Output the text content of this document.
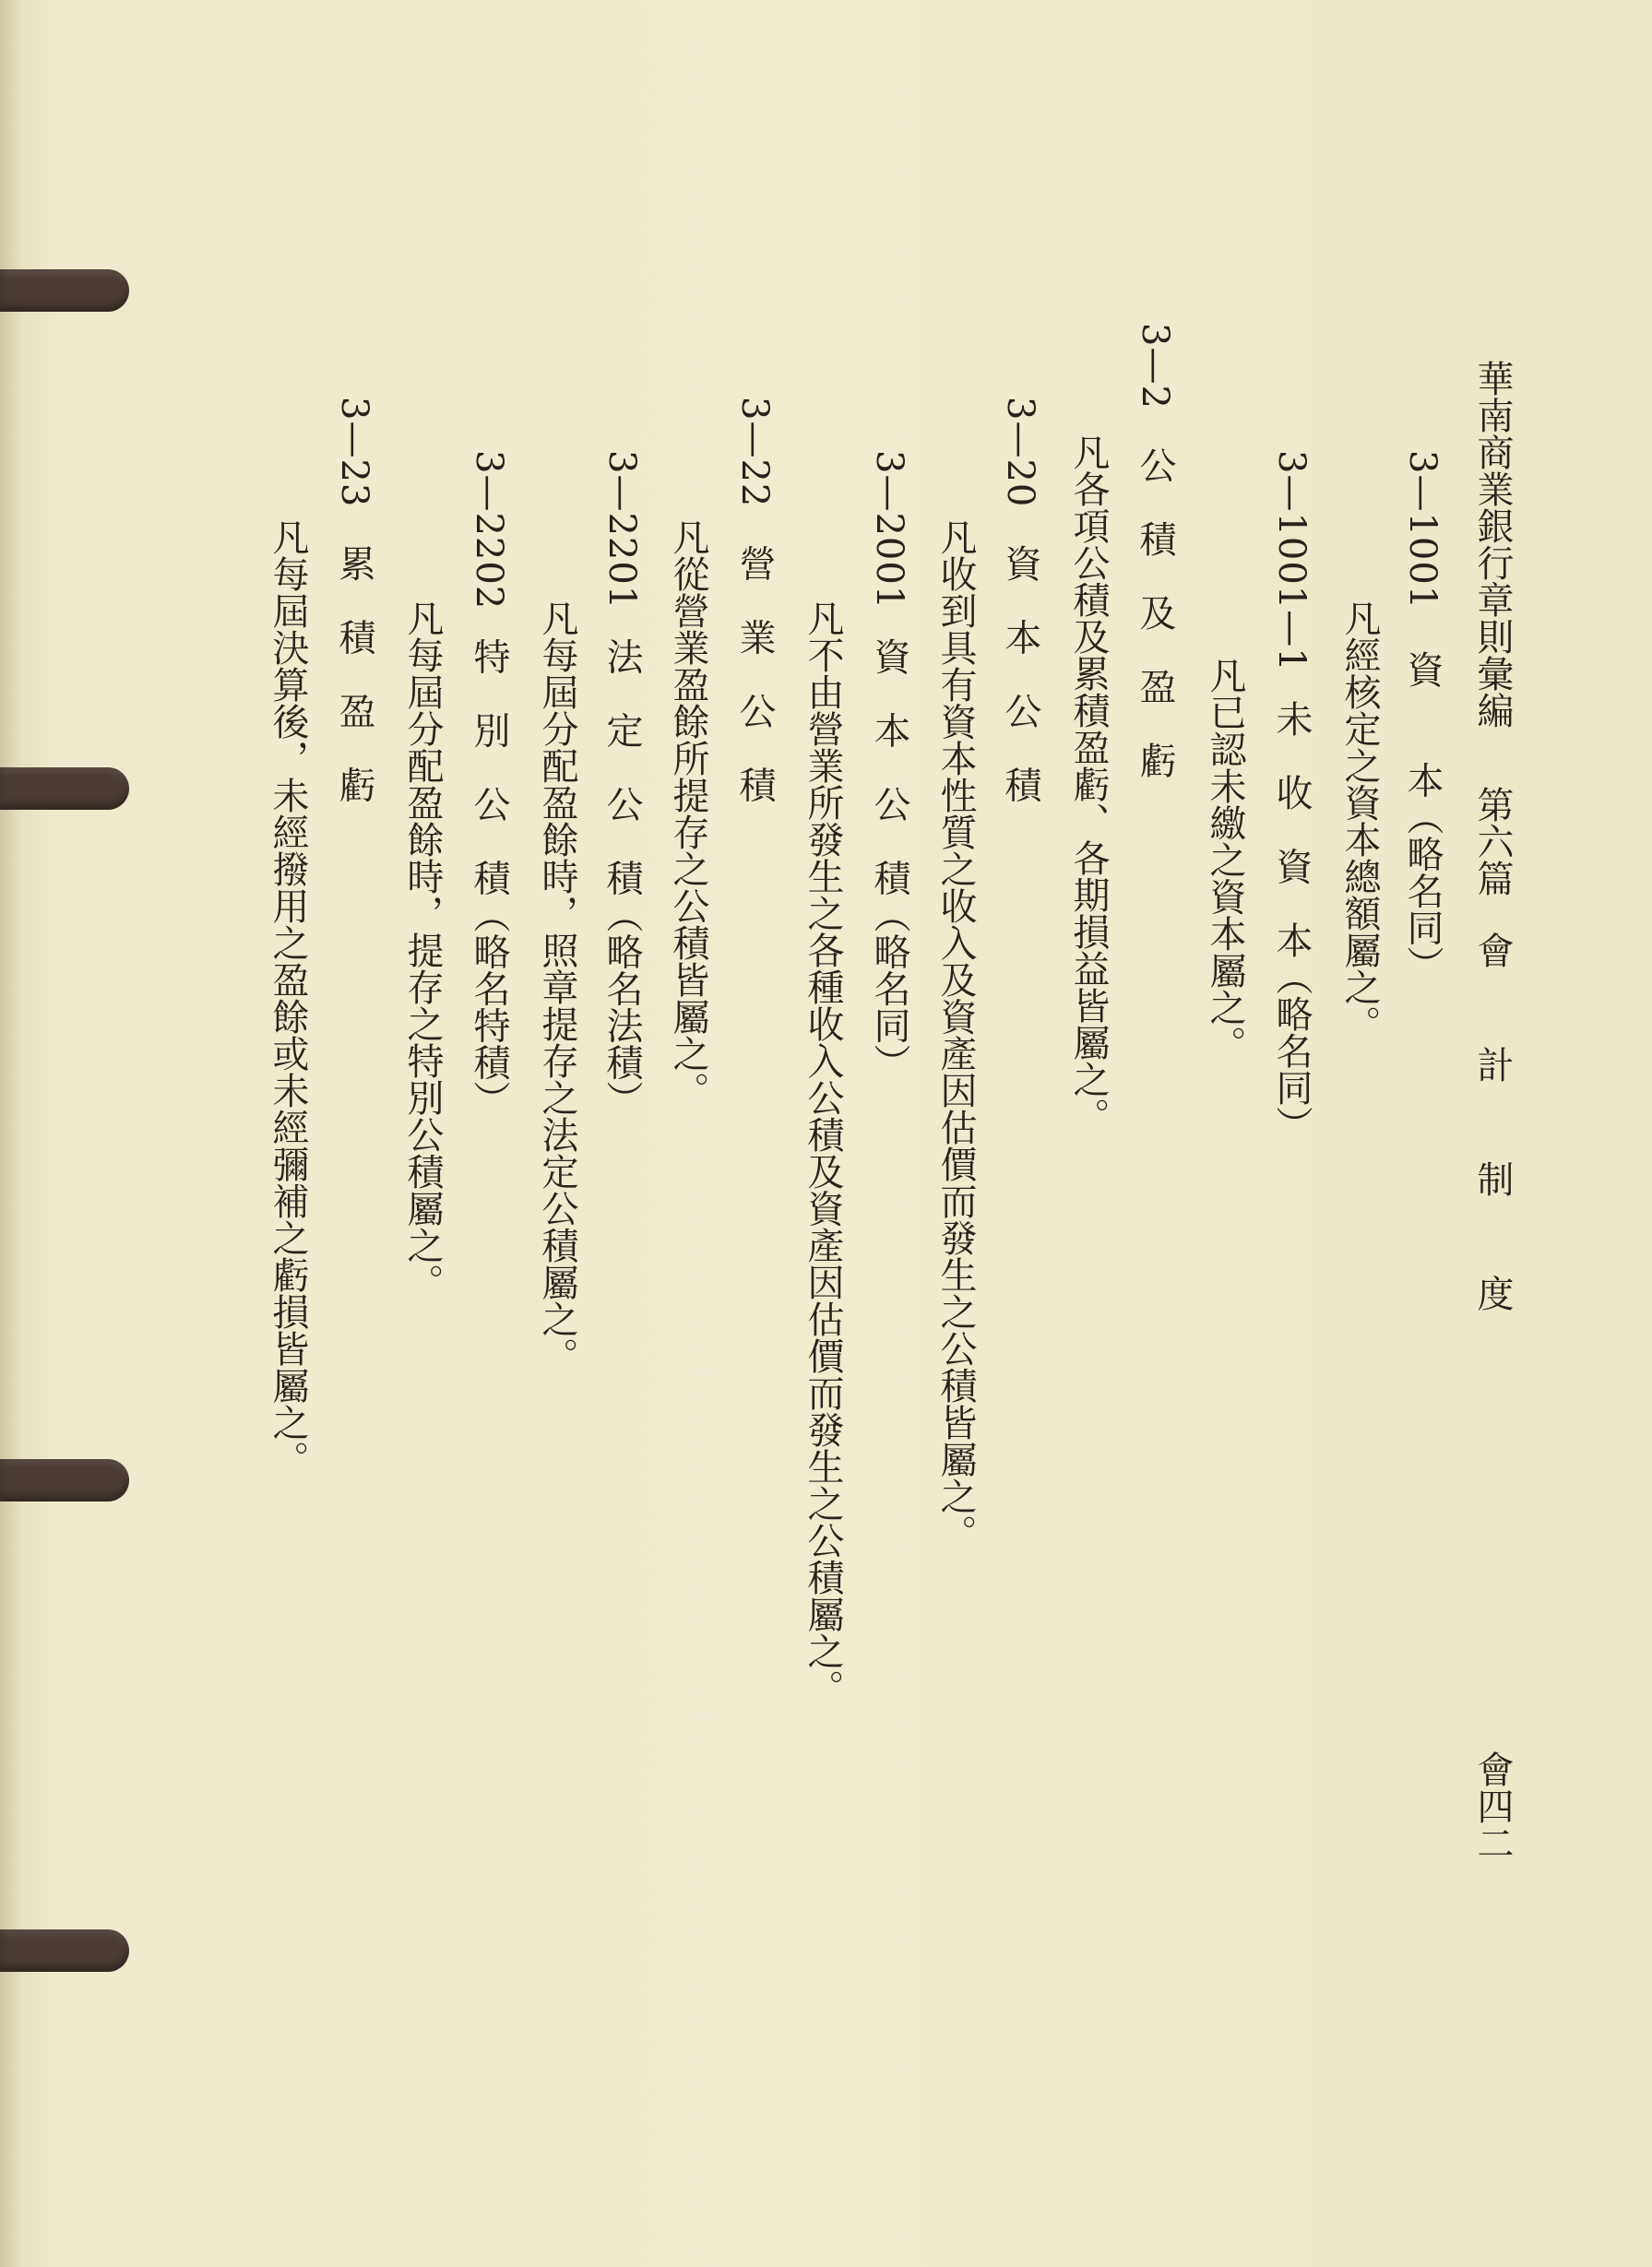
華南商業銀行章則彙編第六篇會　計　制　度
會四二
3—1001資　　本（略名同）
凡經核定之資本總額屬之。
3—1001—1未　收　資　本（略名同）
凡已認未繳之資本屬之。
3—2公　積　及　盈　虧
凡各項公積及累積盈虧、各期損益皆屬之。
3—20資　本　公　積
凡收到具有資本性質之收入及資產因估價而發生之公積皆屬之。
3—2001資　本　公　積（略名同）
凡不由營業所發生之各種收入公積及資產因估價而發生之公積屬之。
3—22營　業　公　積
凡從營業盈餘所提存之公積皆屬之。
3—2201法　定　公　積（略名法積）
凡每屆分配盈餘時，照章提存之法定公積屬之。
3—2202特　別　公　積（略名特積）
凡每屆分配盈餘時，提存之特別公積屬之。
3—23累　積　盈　虧
凡每屆決算後，未經撥用之盈餘或未經彌補之虧損皆屬之。
